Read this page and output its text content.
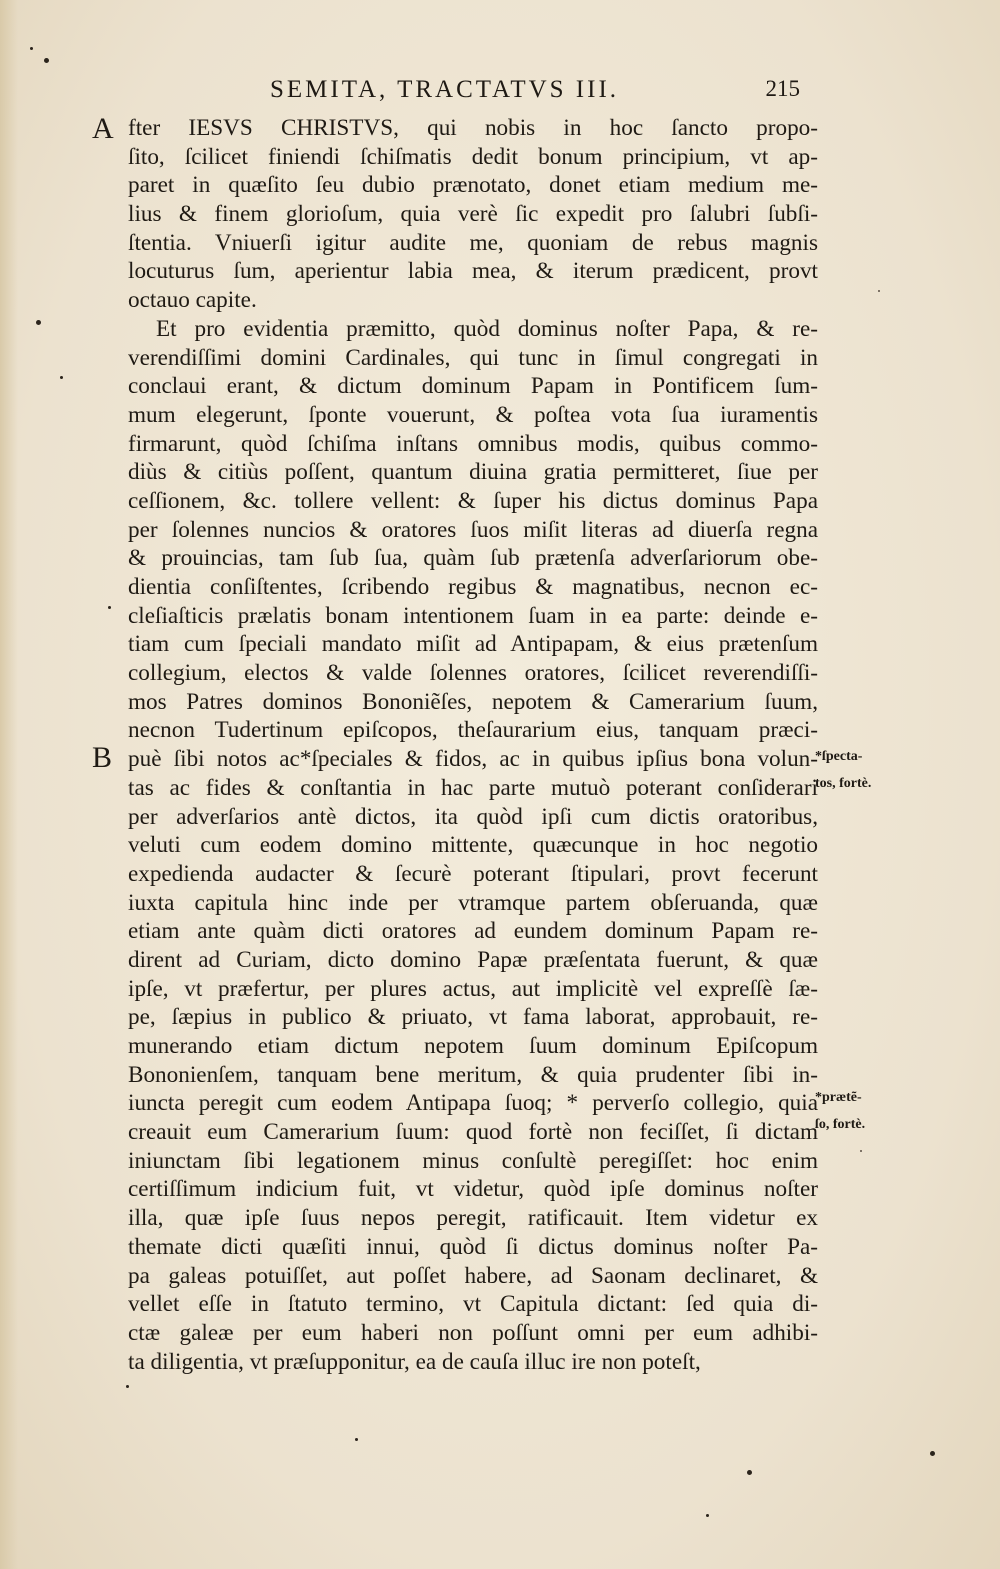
SEMITA, TRACTATVS III.	215
A
B
fter IESVS CHRISTVS, qui nobis in hoc ſancto propo-
ſito, ſcilicet finiendi ſchiſmatis dedit bonum principium, vt ap-
paret in quæſito ſeu dubio prænotato, donet etiam medium me-
lius & finem glorioſum, quia verè ſic expedit pro ſalubri ſubſi-
ſtentia. Vniuerſi igitur audite me, quoniam de rebus magnis
locuturus ſum, aperientur labia mea, & iterum prædicent, provt
octauo capite.
Et pro evidentia præmitto, quòd dominus noſter Papa, & re-
verendiſſimi domini Cardinales, qui tunc in ſimul congregati in
conclaui erant, & dictum dominum Papam in Pontificem ſum-
mum elegerunt, ſponte vouerunt, & poſtea vota ſua iuramentis
firmarunt, quòd ſchiſma inſtans omnibus modis, quibus commo-
diùs & citiùs poſſent, quantum diuina gratia permitteret, ſiue per
ceſſionem, &c. tollere vellent: & ſuper his dictus dominus Papa
per ſolennes nuncios & oratores ſuos miſit literas ad diuerſa regna
& prouincias, tam ſub ſua, quàm ſub prætenſa adverſariorum obe-
dientia conſiſtentes, ſcribendo regibus & magnatibus, necnon ec-
cleſiaſticis prælatis bonam intentionem ſuam in ea parte: deinde e-
tiam cum ſpeciali mandato miſit ad Antipapam, & eius prætenſum
collegium, electos & valde ſolennes oratores, ſcilicet reverendiſſi-
mos Patres dominos Bononiẽſes, nepotem & Camerarium ſuum,
necnon Tudertinum epiſcopos, theſaurarium eius, tanquam præci-
puè ſibi notos ac*ſpeciales & fidos, ac in quibus ipſius bona volun-
tas ac fides & conſtantia in hac parte mutuò poterant conſiderari
per adverſarios antè dictos, ita quòd ipſi cum dictis oratoribus,
veluti cum eodem domino mittente, quæcunque in hoc negotio
expedienda audacter & ſecurè poterant ſtipulari, provt fecerunt
iuxta capitula hinc inde per vtramque partem obſeruanda, quæ
etiam ante quàm dicti oratores ad eundem dominum Papam re-
dirent ad Curiam, dicto domino Papæ præſentata fuerunt, & quæ
ipſe, vt præfertur, per plures actus, aut implicitè vel expreſſè ſæ-
pe, ſæpius in publico & priuato, vt fama laborat, approbauit, re-
munerando etiam dictum nepotem ſuum dominum Epiſcopum
Bononienſem, tanquam bene meritum, & quia prudenter ſibi in-
iuncta peregit cum eodem Antipapa ſuoq; * perverſo collegio, quia
creauit eum Camerarium ſuum: quod fortè non feciſſet, ſi dictam
iniunctam ſibi legationem minus conſultè peregiſſet: hoc enim
certiſſimum indicium fuit, vt videtur, quòd ipſe dominus noſter
illa, quæ ipſe ſuus nepos peregit, ratificauit. Item videtur ex
themate dicti quæſiti innui, quòd ſi dictus dominus noſter Pa-
pa galeas potuiſſet, aut poſſet habere, ad Saonam declinaret, &
vellet eſſe in ſtatuto termino, vt Capitula dictant: ſed quia di-
ctæ galeæ per eum haberi non poſſunt omni per eum adhibi-
ta diligentia, vt præſupponitur, ea de cauſa illuc ire non poteſt,
*ſpecta-
tos, fortè.
*prætẽ-
ſo, fortè.
